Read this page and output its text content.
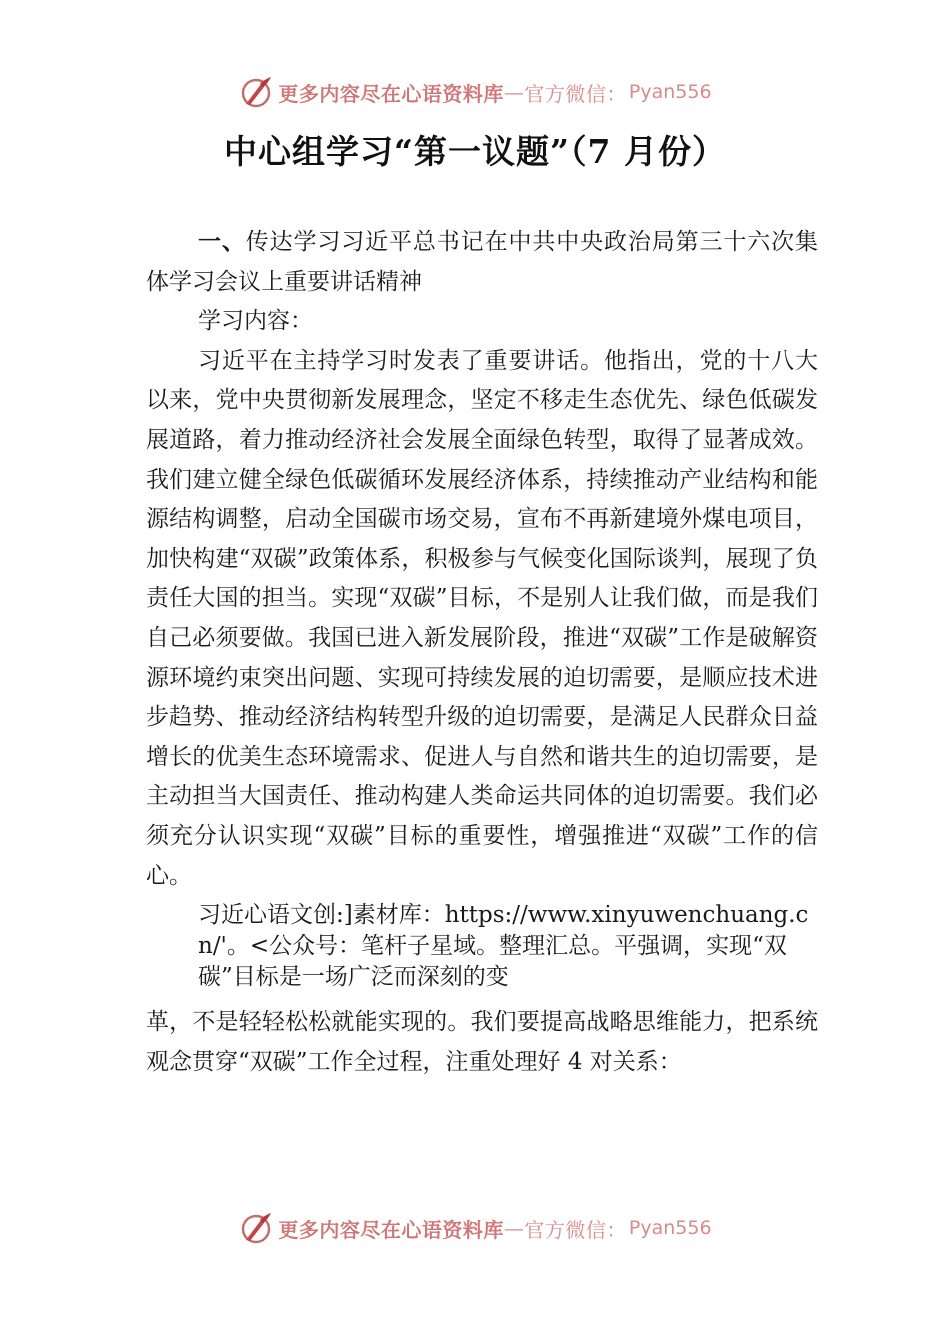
更多内容尽在心语资料库 — 官方微信： Pyan556
中心组学习“第一议题”（7 月份）

一、传达学习习近平总书记在中共中央政治局第三十六次集体学习会议上重要讲话精神

学习内容：

习近平在主持学习时发表了重要讲话。他指出，党的十八大以来，党中央贯彻新发展理念，坚定不移走生态优先、绿色低碳发展道路，着力推动经济社会发展全面绿色转型，取得了显著成效。我们建立健全绿色低碳循环发展经济体系，持续推动产业结构和能源结构调整，启动全国碳市场交易，宣布不再新建境外煤电项目，加快构建“双碳”政策体系，积极参与气候变化国际谈判，展现了负责任大国的担当。实现“双碳”目标，不是别人让我们做，而是我们自己必须要做。我国已进入新发展阶段，推进“双碳”工作是破解资源环境约束突出问题、实现可持续发展的迫切需要，是顺应技术进步趋势、推动经济结构转型升级的迫切需要，是满足人民群众日益增长的优美生态环境需求、促进人与自然和谐共生的迫切需要，是主动担当大国责任、推动构建人类命运共同体的迫切需要。我们必须充分认识实现“双碳”目标的重要性，增强推进“双碳”工作的信心。

习近心语文创:]素材库：https://www.xinyuwenchuang.cn/'。<公众号：笔杆子星域。整理汇总。平强调，实现“双碳”目标是一场广泛而深刻的变

革，不是轻轻松松就能实现的。我们要提高战略思维能力，把系统观念贯穿“双碳”工作全过程，注重处理好 4 对关系：

更多内容尽在心语资料库 — 官方微信： Pyan556
